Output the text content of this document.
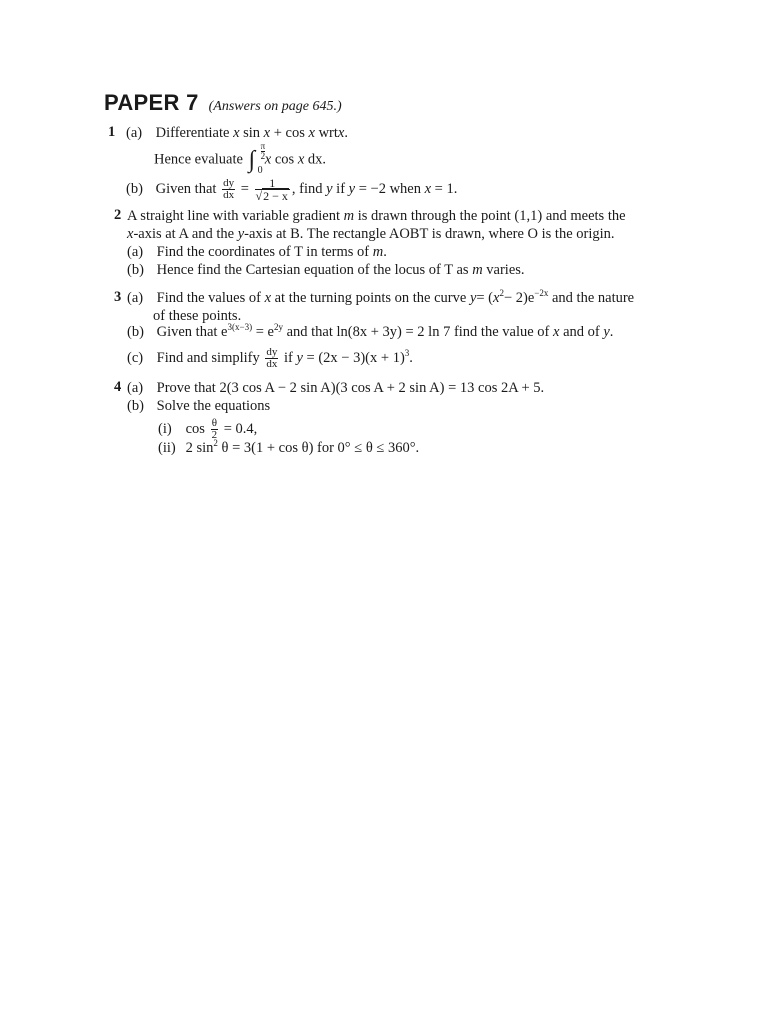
PAPER 7 (Answers on page 645.)
1 (a) Differentiate x sin x + cos x wrtx.
Hence evaluate ∫
π
2
0
x cos x dx.
(b) Given that $\frac{dy}{dx} = \frac{1}{√2 - x}$ , find y if y = −2 when x = 1.
2 A straight line with variable gradient m is drawn through the point (1,1) and meets the
x-axis at A and the y-axis at B. The rectangle AOBT is drawn, where O is the origin.
(a) Find the coordinates of T in terms of m.
(b) Hence find the Cartesian equation of the locus of T as m varies.
3 (a) Find the values of x at the turning points on the curve $y= (x^2- 2)e^{-2x}$ and the nature
of these points.
(b) Given that $e^{3(x-3)} = e^{2y}$ and that ln(8x + 3y) = 2 ln 7 find the value of x and of y.
(c) Find and simplify $\frac{dy}{dx}$ if $y = (2x - 3)(x + 1)^3$.
4 (a) Prove that 2(3 cos A − 2 sin A)(3 cos A + 2 sin A) = 13 cos 2A + 5.
(b) Solve the equations
(i) $\cos \frac{\theta}{2} = 0.4$,
(ii) 2 $\sin^2 \theta = 3(1 + \cos \theta)$ for 0° ≤ θ ≤ 360°.
